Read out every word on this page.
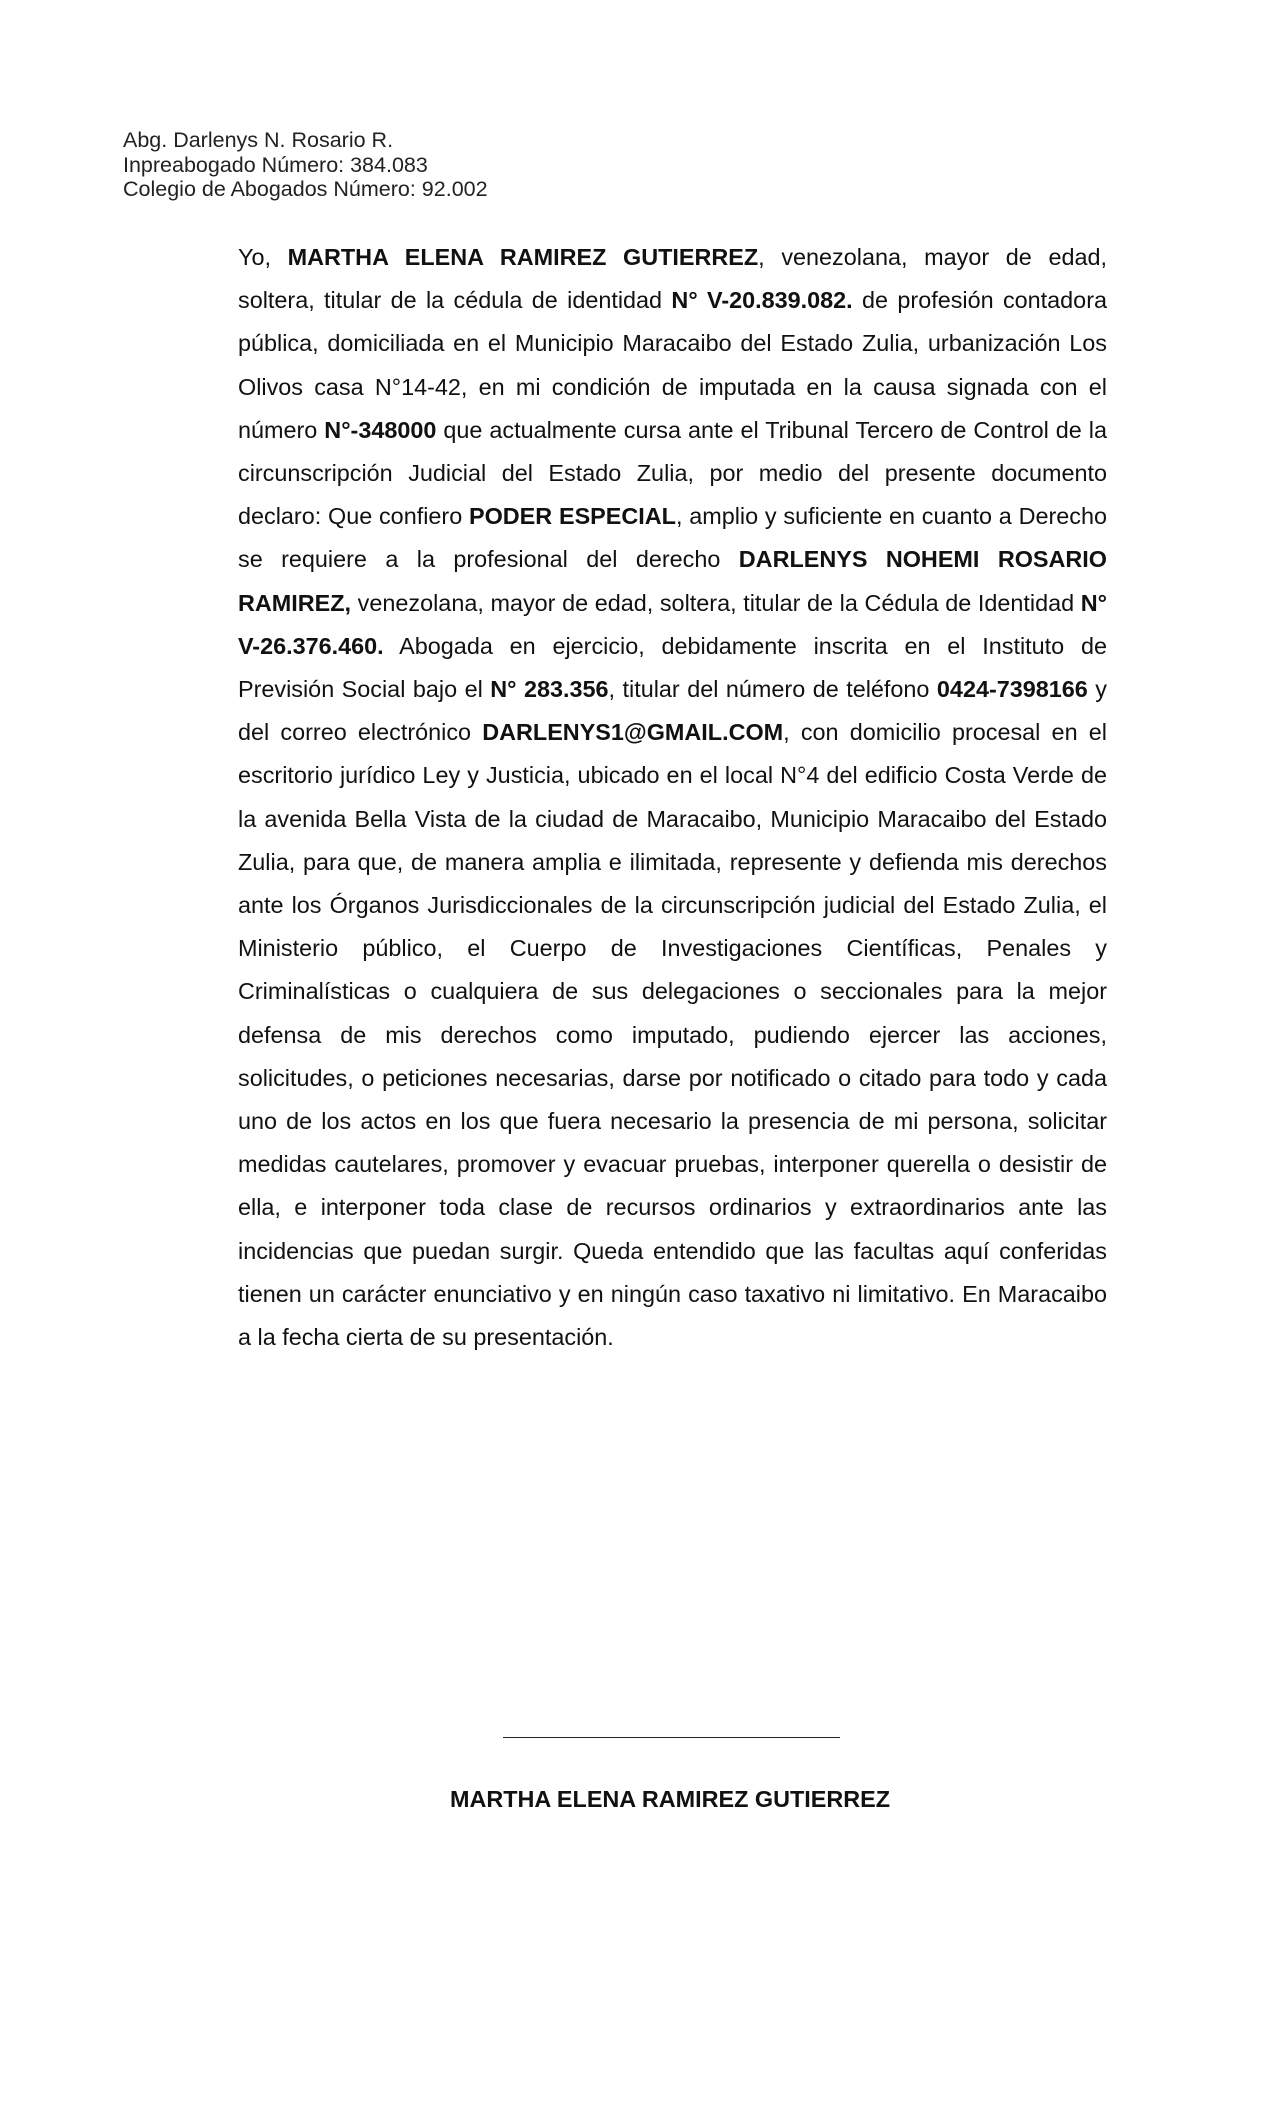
Abg. Darlenys N. Rosario R.
Inpreabogado Número: 384.083
Colegio de Abogados Número: 92.002
Yo, MARTHA ELENA RAMIREZ GUTIERREZ, venezolana, mayor de edad, soltera, titular de la cédula de identidad N° V-20.839.082. de profesión contadora pública, domiciliada en el Municipio Maracaibo del Estado Zulia, urbanización Los Olivos casa N°14-42, en mi condición de imputada en la causa signada con el número N°-348000 que actualmente cursa ante el Tribunal Tercero de Control de la circunscripción Judicial del Estado Zulia, por medio del presente documento declaro: Que confiero PODER ESPECIAL, amplio y suficiente en cuanto a Derecho se requiere a la profesional del derecho DARLENYS NOHEMI ROSARIO RAMIREZ, venezolana, mayor de edad, soltera, titular de la Cédula de Identidad N° V-26.376.460. Abogada en ejercicio, debidamente inscrita en el Instituto de Previsión Social bajo el N° 283.356, titular del número de teléfono 0424-7398166 y del correo electrónico DARLENYS1@GMAIL.COM, con domicilio procesal en el escritorio jurídico Ley y Justicia, ubicado en el local N°4 del edificio Costa Verde de la avenida Bella Vista de la ciudad de Maracaibo, Municipio Maracaibo del Estado Zulia, para que, de manera amplia e ilimitada, represente y defienda mis derechos ante los Órganos Jurisdiccionales de la circunscripción judicial del Estado Zulia, el Ministerio público, el Cuerpo de Investigaciones Científicas, Penales y Criminalísticas o cualquiera de sus delegaciones o seccionales para la mejor defensa de mis derechos como imputado, pudiendo ejercer las acciones, solicitudes, o peticiones necesarias, darse por notificado o citado para todo y cada uno de los actos en los que fuera necesario la presencia de mi persona, solicitar medidas cautelares, promover y evacuar pruebas, interponer querella o desistir de ella, e interponer toda clase de recursos ordinarios y extraordinarios ante las incidencias que puedan surgir. Queda entendido que las facultas aquí conferidas tienen un carácter enunciativo y en ningún caso taxativo ni limitativo. En Maracaibo a la fecha cierta de su presentación.
MARTHA ELENA RAMIREZ GUTIERREZ
